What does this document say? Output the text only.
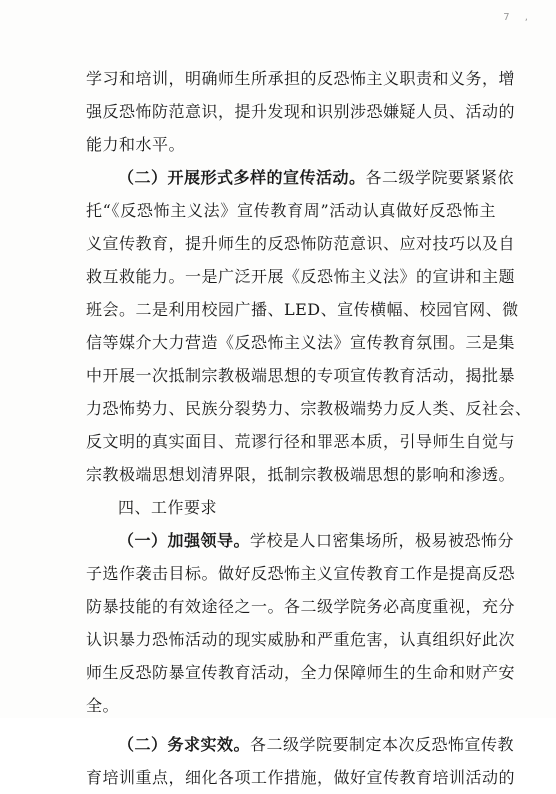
7 ,
学习和培训，明确师生所承担的反恐怖主义职责和义务，增
强反恐怖防范意识，提升发现和识别涉恐嫌疑人员、活动的
能力和水平。
（二）开展形式多样的宣传活动。各二级学院要紧紧依
托“《反恐怖主义法》宣传教育周”活动认真做好反恐怖主
义宣传教育，提升师生的反恐怖防范意识、应对技巧以及自
救互救能力。一是广泛开展《反恐怖主义法》的宣讲和主题
班会。二是利用校园广播、LED、宣传横幅、校园官网、微
信等媒介大力营造《反恐怖主义法》宣传教育氛围。三是集
中开展一次抵制宗教极端思想的专项宣传教育活动，揭批暴
力恐怖势力、民族分裂势力、宗教极端势力反人类、反社会、
反文明的真实面目、荒谬行径和罪恶本质，引导师生自觉与
宗教极端思想划清界限，抵制宗教极端思想的影响和渗透。
四、工作要求
（一）加强领导。学校是人口密集场所，极易被恐怖分
子选作袭击目标。做好反恐怖主义宣传教育工作是提高反恐
防暴技能的有效途径之一。各二级学院务必高度重视，充分
认识暴力恐怖活动的现实威胁和严重危害，认真组织好此次
师生反恐防暴宣传教育活动，全力保障师生的生命和财产安
全。
（二）务求实效。各二级学院要制定本次反恐怖宣传教
育培训重点，细化各项工作措施，做好宣传教育培训活动的
